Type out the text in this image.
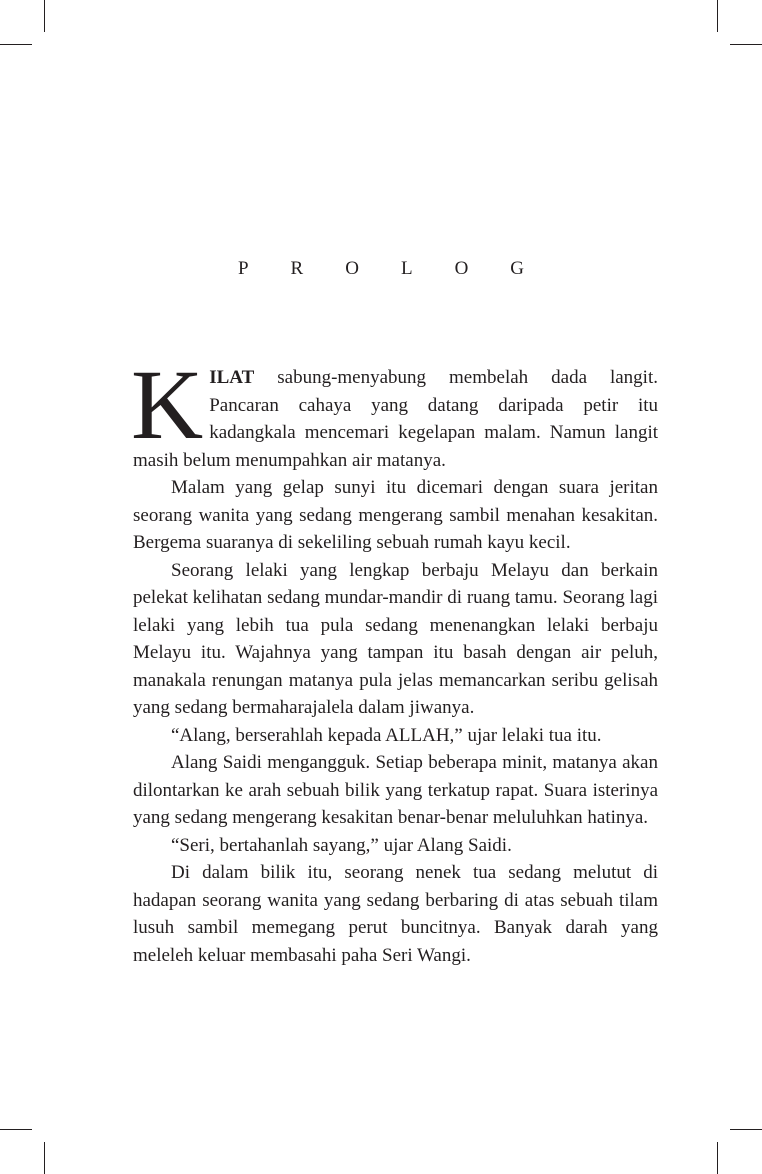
P R O L O G

KILAT sabung-menyabung membelah dada langit. Pancaran cahaya yang datang daripada petir itu kadangkala mencemari kegelapan malam. Namun langit masih belum menumpahkan air matanya.

Malam yang gelap sunyi itu dicemari dengan suara jeritan seorang wanita yang sedang mengerang sambil menahan kesakitan. Bergema suaranya di sekeliling sebuah rumah kayu kecil.

Seorang lelaki yang lengkap berbaju Melayu dan berkain pelekat kelihatan sedang mundar-mandir di ruang tamu. Seorang lagi lelaki yang lebih tua pula sedang menenangkan lelaki berbaju Melayu itu. Wajahnya yang tampan itu basah dengan air peluh, manakala renungan matanya pula jelas memancarkan seribu gelisah yang sedang bermaharajalela dalam jiwanya.

“Alang, berserahlah kepada ALLAH,” ujar lelaki tua itu.

Alang Saidi mengangguk. Setiap beberapa minit, matanya akan dilontarkan ke arah sebuah bilik yang terkatup rapat. Suara isterinya yang sedang mengerang kesakitan benar-benar meluluhkan hatinya.

“Seri, bertahanlah sayang,” ujar Alang Saidi.

Di dalam bilik itu, seorang nenek tua sedang melutut di hadapan seorang wanita yang sedang berbaring di atas sebuah tilam lusuh sambil memegang perut buncitnya. Banyak darah yang meleleh keluar membasahi paha Seri Wangi.
